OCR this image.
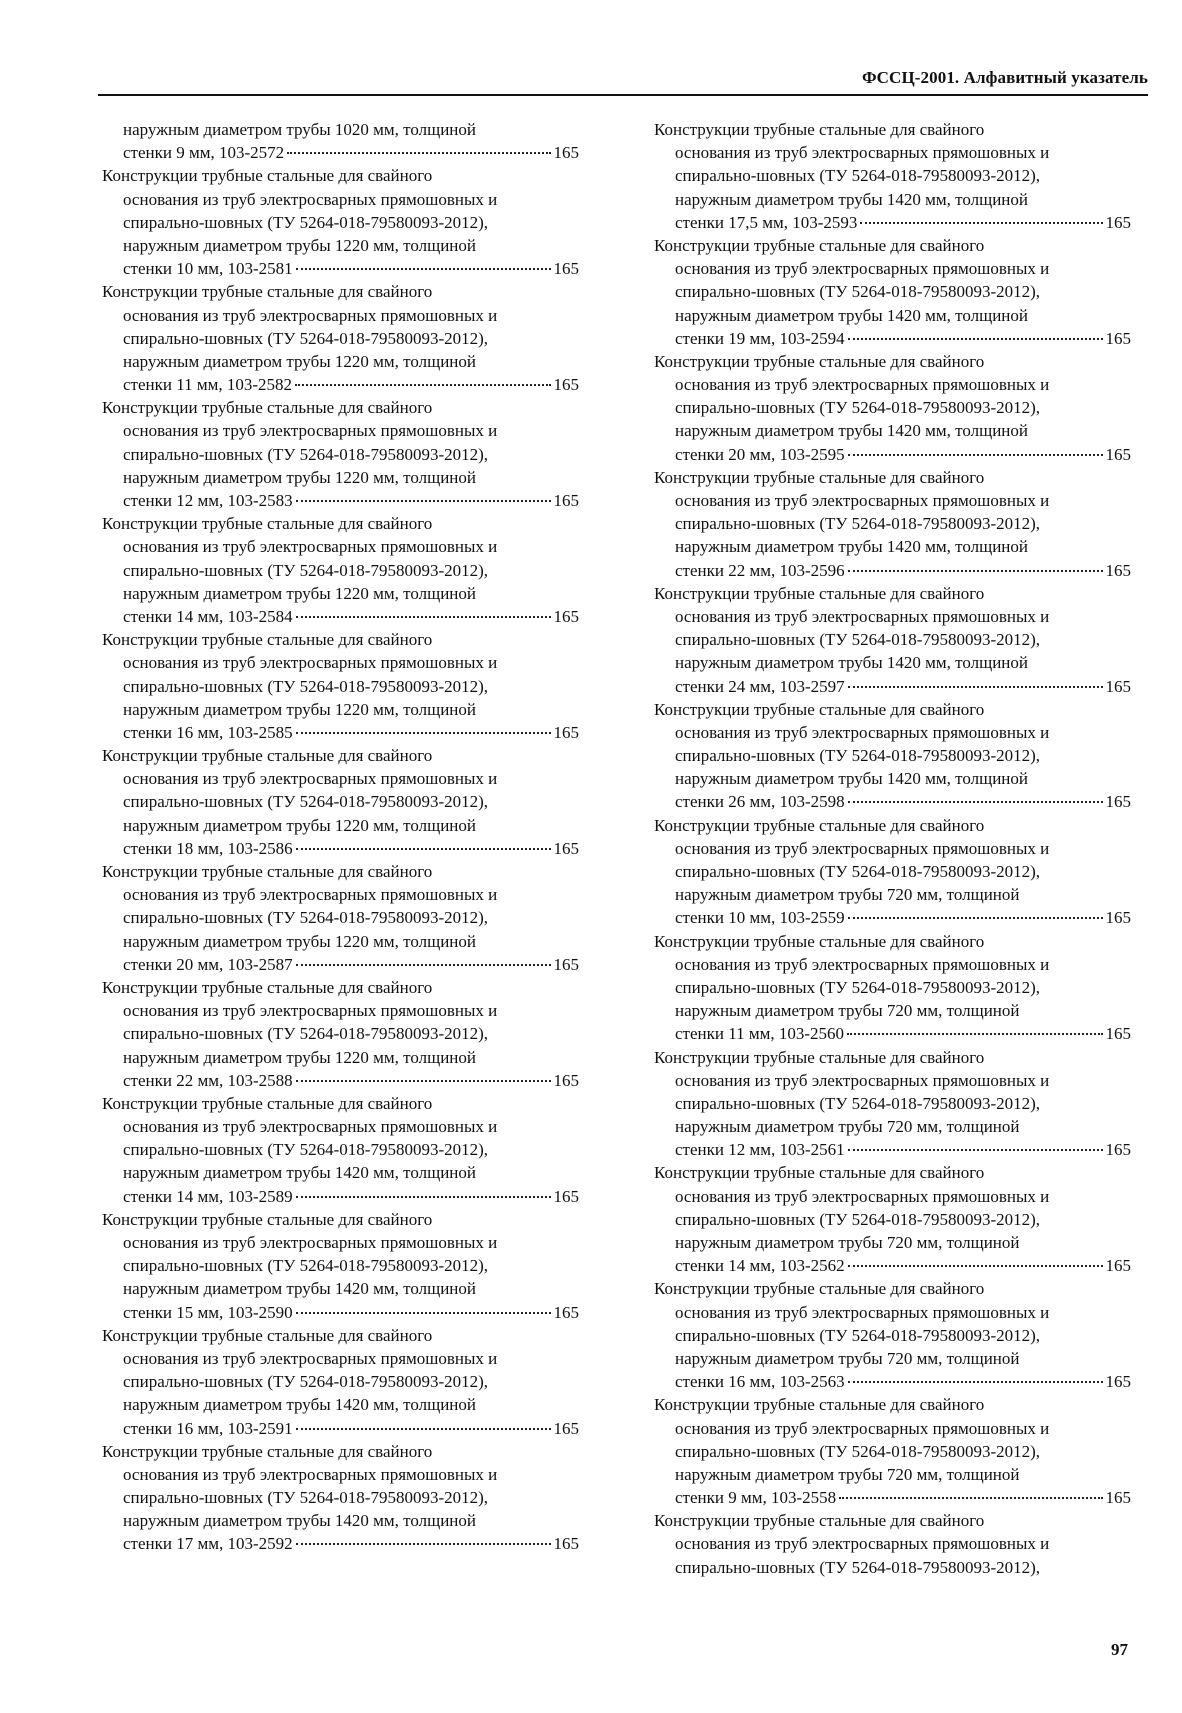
ФССЦ-2001. Алфавитный указатель
наружным диаметром трубы 1020 мм, толщиной
стенки 9 мм, 103-2572	165
Конструкции трубные стальные для свайного
основания из труб электросварных прямошовных и
спирально-шовных (ТУ 5264-018-79580093-2012),
наружным диаметром трубы 1220 мм, толщиной
стенки 10 мм, 103-2581	165
Конструкции трубные стальные для свайного
основания из труб электросварных прямошовных и
спирально-шовных (ТУ 5264-018-79580093-2012),
наружным диаметром трубы 1220 мм, толщиной
стенки 11 мм, 103-2582	165
Конструкции трубные стальные для свайного
основания из труб электросварных прямошовных и
спирально-шовных (ТУ 5264-018-79580093-2012),
наружным диаметром трубы 1220 мм, толщиной
стенки 12 мм, 103-2583	165
Конструкции трубные стальные для свайного
основания из труб электросварных прямошовных и
спирально-шовных (ТУ 5264-018-79580093-2012),
наружным диаметром трубы 1220 мм, толщиной
стенки 14 мм, 103-2584	165
Конструкции трубные стальные для свайного
основания из труб электросварных прямошовных и
спирально-шовных (ТУ 5264-018-79580093-2012),
наружным диаметром трубы 1220 мм, толщиной
стенки 16 мм, 103-2585	165
Конструкции трубные стальные для свайного
основания из труб электросварных прямошовных и
спирально-шовных (ТУ 5264-018-79580093-2012),
наружным диаметром трубы 1220 мм, толщиной
стенки 18 мм, 103-2586	165
Конструкции трубные стальные для свайного
основания из труб электросварных прямошовных и
спирально-шовных (ТУ 5264-018-79580093-2012),
наружным диаметром трубы 1220 мм, толщиной
стенки 20 мм, 103-2587	165
Конструкции трубные стальные для свайного
основания из труб электросварных прямошовных и
спирально-шовных (ТУ 5264-018-79580093-2012),
наружным диаметром трубы 1220 мм, толщиной
стенки 22 мм, 103-2588	165
Конструкции трубные стальные для свайного
основания из труб электросварных прямошовных и
спирально-шовных (ТУ 5264-018-79580093-2012),
наружным диаметром трубы 1420 мм, толщиной
стенки 14 мм, 103-2589	165
Конструкции трубные стальные для свайного
основания из труб электросварных прямошовных и
спирально-шовных (ТУ 5264-018-79580093-2012),
наружным диаметром трубы 1420 мм, толщиной
стенки 15 мм, 103-2590	165
Конструкции трубные стальные для свайного
основания из труб электросварных прямошовных и
спирально-шовных (ТУ 5264-018-79580093-2012),
наружным диаметром трубы 1420 мм, толщиной
стенки 16 мм, 103-2591	165
Конструкции трубные стальные для свайного
основания из труб электросварных прямошовных и
спирально-шовных (ТУ 5264-018-79580093-2012),
наружным диаметром трубы 1420 мм, толщиной
стенки 17 мм, 103-2592	165
Конструкции трубные стальные для свайного
основания из труб электросварных прямошовных и
спирально-шовных (ТУ 5264-018-79580093-2012),
наружным диаметром трубы 1420 мм, толщиной
стенки 17,5 мм, 103-2593	165
Конструкции трубные стальные для свайного
основания из труб электросварных прямошовных и
спирально-шовных (ТУ 5264-018-79580093-2012),
наружным диаметром трубы 1420 мм, толщиной
стенки 19 мм, 103-2594	165
Конструкции трубные стальные для свайного
основания из труб электросварных прямошовных и
спирально-шовных (ТУ 5264-018-79580093-2012),
наружным диаметром трубы 1420 мм, толщиной
стенки 20 мм, 103-2595	165
Конструкции трубные стальные для свайного
основания из труб электросварных прямошовных и
спирально-шовных (ТУ 5264-018-79580093-2012),
наружным диаметром трубы 1420 мм, толщиной
стенки 22 мм, 103-2596	165
Конструкции трубные стальные для свайного
основания из труб электросварных прямошовных и
спирально-шовных (ТУ 5264-018-79580093-2012),
наружным диаметром трубы 1420 мм, толщиной
стенки 24 мм, 103-2597	165
Конструкции трубные стальные для свайного
основания из труб электросварных прямошовных и
спирально-шовных (ТУ 5264-018-79580093-2012),
наружным диаметром трубы 1420 мм, толщиной
стенки 26 мм, 103-2598	165
Конструкции трубные стальные для свайного
основания из труб электросварных прямошовных и
спирально-шовных (ТУ 5264-018-79580093-2012),
наружным диаметром трубы 720 мм, толщиной
стенки 10 мм, 103-2559	165
Конструкции трубные стальные для свайного
основания из труб электросварных прямошовных и
спирально-шовных (ТУ 5264-018-79580093-2012),
наружным диаметром трубы 720 мм, толщиной
стенки 11 мм, 103-2560	165
Конструкции трубные стальные для свайного
основания из труб электросварных прямошовных и
спирально-шовных (ТУ 5264-018-79580093-2012),
наружным диаметром трубы 720 мм, толщиной
стенки 12 мм, 103-2561	165
Конструкции трубные стальные для свайного
основания из труб электросварных прямошовных и
спирально-шовных (ТУ 5264-018-79580093-2012),
наружным диаметром трубы 720 мм, толщиной
стенки 14 мм, 103-2562	165
Конструкции трубные стальные для свайного
основания из труб электросварных прямошовных и
спирально-шовных (ТУ 5264-018-79580093-2012),
наружным диаметром трубы 720 мм, толщиной
стенки 16 мм, 103-2563	165
Конструкции трубные стальные для свайного
основания из труб электросварных прямошовных и
спирально-шовных (ТУ 5264-018-79580093-2012),
наружным диаметром трубы 720 мм, толщиной
стенки 9 мм, 103-2558	165
Конструкции трубные стальные для свайного
основания из труб электросварных прямошовных и
спирально-шовных (ТУ 5264-018-79580093-2012),
97
